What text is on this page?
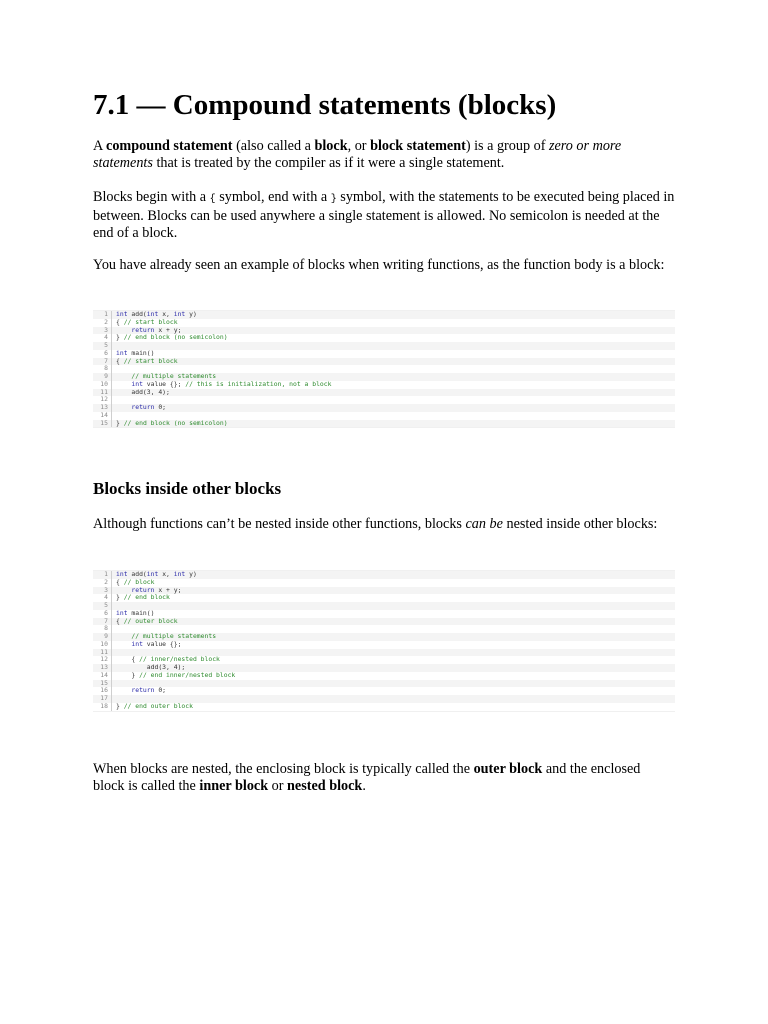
7.1 — Compound statements (blocks)

A compound statement (also called a block, or block statement) is a group of zero or more statements that is treated by the compiler as if it were a single statement.

Blocks begin with a { symbol, end with a } symbol, with the statements to be executed being placed in between. Blocks can be used anywhere a single statement is allowed. No semicolon is needed at the end of a block.

You have already seen an example of blocks when writing functions, as the function body is a block:

1	int add(int x, int y)
2	{ // start block
3	return x + y;
4	} // end block (no semicolon)
5
6	int main()
7	{ // start block
8
9	// multiple statements
10	int value {}; // this is initialization, not a block
11	add(3, 4);
12
13	return 0;
14
15	} // end block (no semicolon)
Blocks inside other blocks

Although functions can’t be nested inside other functions, blocks can be nested inside other blocks:

1	int add(int x, int y)
2	{ // block
3	return x + y;
4	} // end block
5
6	int main()
7	{ // outer block
8
9	// multiple statements
10	int value {};
11
12	{ // inner/nested block
13	add(3, 4);
14	} // end inner/nested block
15
16	return 0;
17
18	} // end outer block

When blocks are nested, the enclosing block is typically called the outer block and the enclosed block is called the inner block or nested block.
